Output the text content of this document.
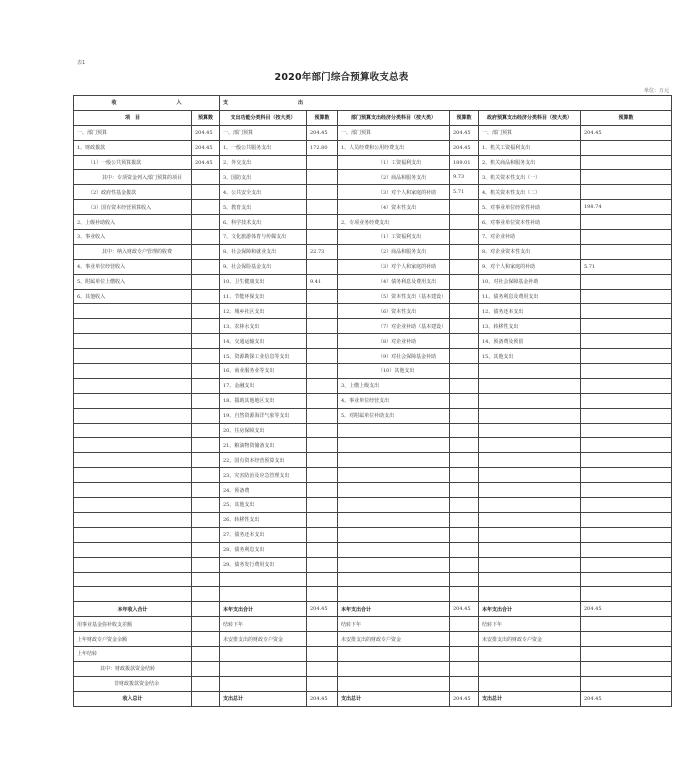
表1
2020年部门综合预算收支总表
单位：万元
收 入		支 出					
项　目	预算数	支出功能分类科目（按大类）	预算数	部门预算支出经济分类科目（按大类）	预算数	政府预算支出经济分类科目（按大类）	预算数
一、部门预算	204.45	一、部门预算	204.45	一、部门预算	204.45	一、部门预算	204.45
1、财政拨款	204.45	1、一般公共服务支出	172.80	1、人员经费和公用经费支出	204.45	1、机关工资福利支出	
（1）一般公共预算拨款	204.45	2、外交支出		（1）工资福利支出	189.01	2、机关商品和服务支出	
其中：专项资金列入部门预算的项目		3、国防支出		（2）商品和服务支出	9.73	3、机关资本性支出（一）	
（2）政府性基金拨款		4、公共安全支出		（3）对个人和家庭的补助	5.71	4、机关资本性支出（二）	
（3）国有资本经营预算收入		5、教育支出		（4）资本性支出		5、对事业单位经常性补助	198.74
2、上级补助收入		6、科学技术支出		2、专项业务经费支出		6、对事业单位资本性补助	
3、事业收入		7、文化旅游体育与传媒支出		（1）工资福利支出		7、对企业补助	
其中：纳入财政专户管理的收费		8、社会保障和就业支出	22.73	（2）商品和服务支出		8、对企业资本性支出	
4、事业单位经营收入		9、社会保险基金支出		（3）对个人和家庭的补助		9、对个人和家庭的补助	5.71
5、附属单位上缴收入		10、卫生健康支出	9.41	（4）债务利息及费用支出		10、对社会保障基金补助	
6、其他收入		11、节能环保支出		（5）资本性支出（基本建设）		11、债务利息及费用支出	
		12、城乡社区支出		（6）资本性支出		12、债务还本支出	
		13、农林水支出		（7）对企业补助（基本建设）		13、转移性支出	
		14、交通运输支出		（8）对企业补助		14、预备费及预留	
		15、资源勘探工业信息等支出		（9）对社会保障基金补助		15、其他支出	
		16、商业服务业等支出		（10）其他支出			
		17、金融支出		3、上缴上级支出			
		18、援助其他地区支出		4、事业单位经营支出			
		19、自然资源海洋气象等支出		5、对附属单位补助支出			
		20、住房保障支出					
		21、粮油物资储备支出					
		22、国有资本经营预算支出					
		23、灾害防治及应急管理支出					
		24、预备费					
		25、其他支出					
		26、转移性支出					
		27、债务还本支出					
		28、债务利息支出					
		29、债务发行费用支出					

本年收入合计		本年支出合计	204.45	本年支出合计	204.45	本年支出合计	204.45
用事业基金弥补收支差额		结转下年		结转下年		结转下年	
上年财政专户资金余额		未安排支出的财政专户资金		未安排支出的财政专户资金		未安排支出的财政专户资金	
上年结转							
其中：财政拨款资金结转							
非财政拨款资金结余							
收入总计		支出总计	204.45	支出总计	204.45	支出总计	204.45
